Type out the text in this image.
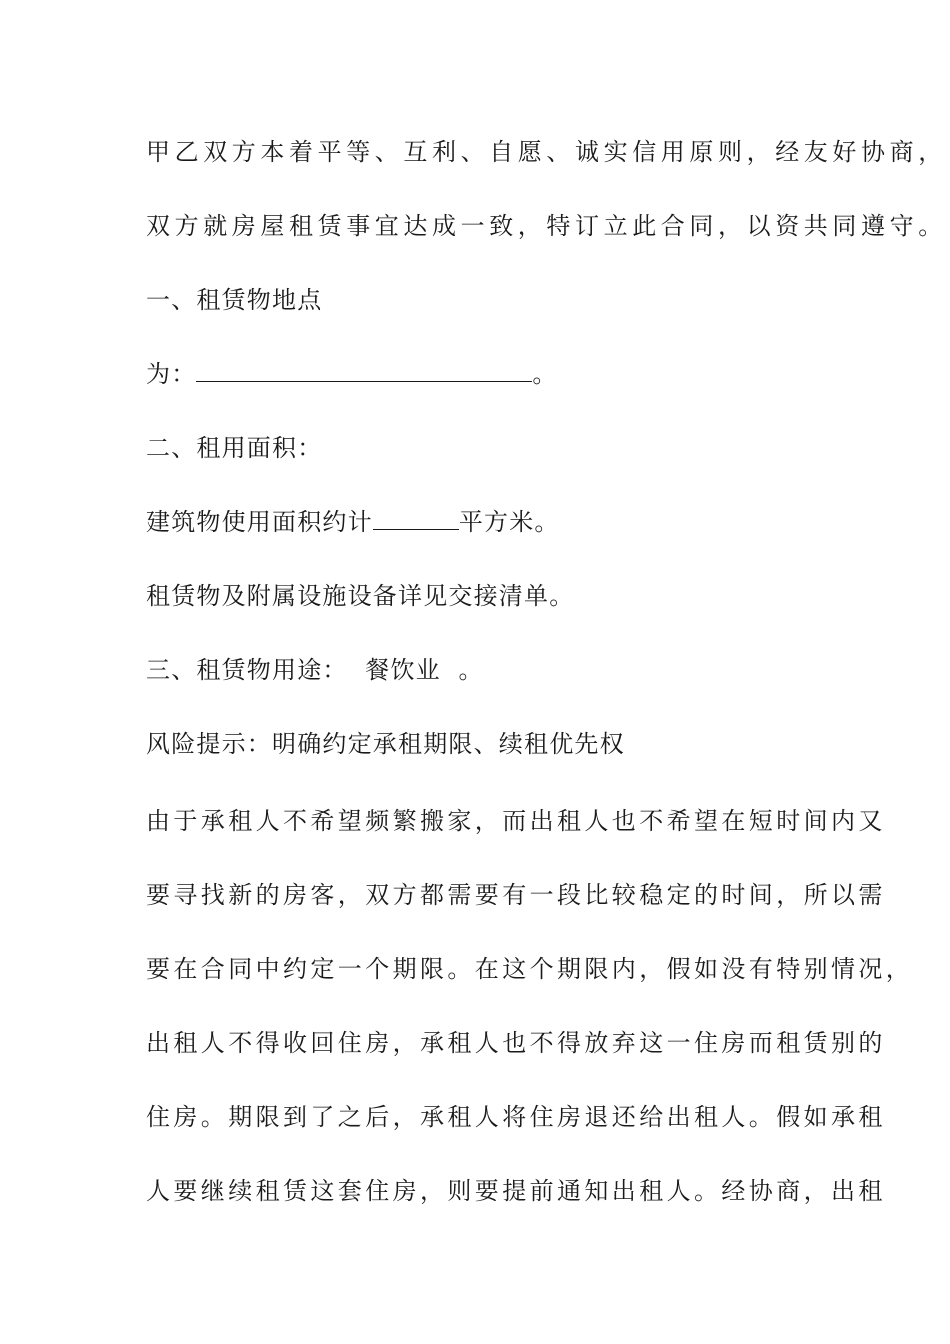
甲乙双方本着平等、互利、自愿、诚实信用原则，经友好协商，
双方就房屋租赁事宜达成一致，特订立此合同，以资共同遵守。
一、租赁物地点
为：	。
二、租用面积：
建筑物使用面积约计	平方米。
租赁物及附属设施设备详见交接清单。
三、租赁物用途：  餐饮业  。
风险提示：明确约定承租期限、续租优先权
由于承租人不希望频繁搬家，而出租人也不希望在短时间内又
要寻找新的房客，双方都需要有一段比较稳定的时间，所以需
要在合同中约定一个期限。在这个期限内，假如没有特别情况，
出租人不得收回住房，承租人也不得放弃这一住房而租赁别的
住房。期限到了之后，承租人将住房退还给出租人。假如承租
人要继续租赁这套住房，则要提前通知出租人。经协商，出租
